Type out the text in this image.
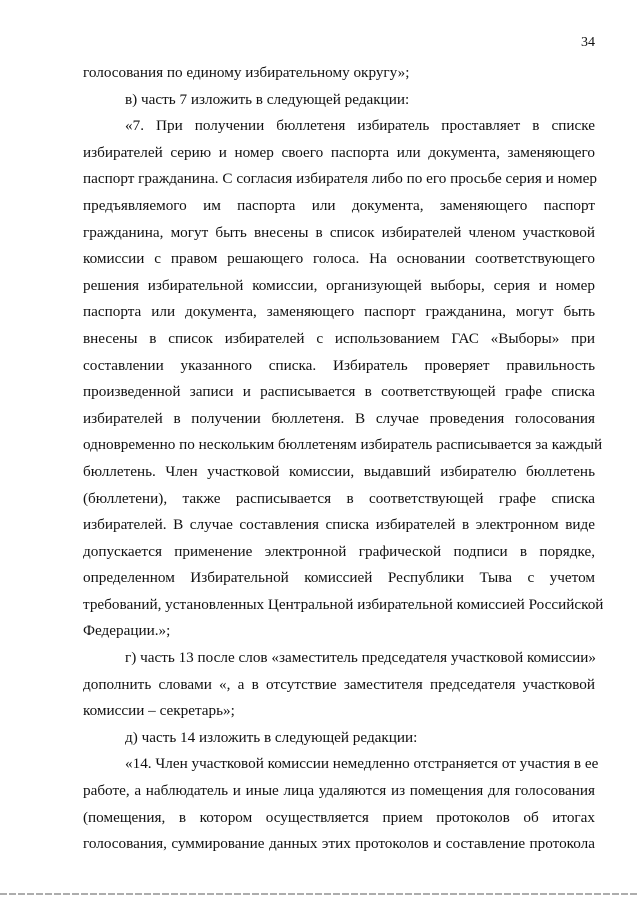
34
голосования по единому избирательному округу»;
в) часть 7 изложить в следующей редакции:
«7. При получении бюллетеня избиратель проставляет в списке
избирателей серию и номер своего паспорта или документа, заменяющего
паспорт гражданина. С согласия избирателя либо по его просьбе серия и номер
предъявляемого им паспорта или документа, заменяющего паспорт
гражданина, могут быть внесены в список избирателей членом участковой
комиссии с правом решающего голоса. На основании соответствующего
решения избирательной комиссии, организующей выборы, серия и номер
паспорта или документа, заменяющего паспорт гражданина, могут быть
внесены в список избирателей с использованием ГАС «Выборы» при
составлении указанного списка. Избиратель проверяет правильность
произведенной записи и расписывается в соответствующей графе списка
избирателей в получении бюллетеня. В случае проведения голосования
одновременно по нескольким бюллетеням избиратель расписывается за каждый
бюллетень. Член участковой комиссии, выдавший избирателю бюллетень
(бюллетени), также расписывается в соответствующей графе списка
избирателей. В случае составления списка избирателей в электронном виде
допускается применение электронной графической подписи в порядке,
определенном Избирательной комиссией Республики Тыва с учетом
требований, установленных Центральной избирательной комиссией Российской
Федерации.»;
г) часть 13 после слов «заместитель председателя участковой комиссии»
дополнить словами «, а в отсутствие заместителя председателя участковой
комиссии – секретарь»;
д) часть 14 изложить в следующей редакции:
«14. Член участковой комиссии немедленно отстраняется от участия в ее
работе, а наблюдатель и иные лица удаляются из помещения для голосования
(помещения, в котором осуществляется прием протоколов об итогах
голосования, суммирование данных этих протоколов и составление протокола
